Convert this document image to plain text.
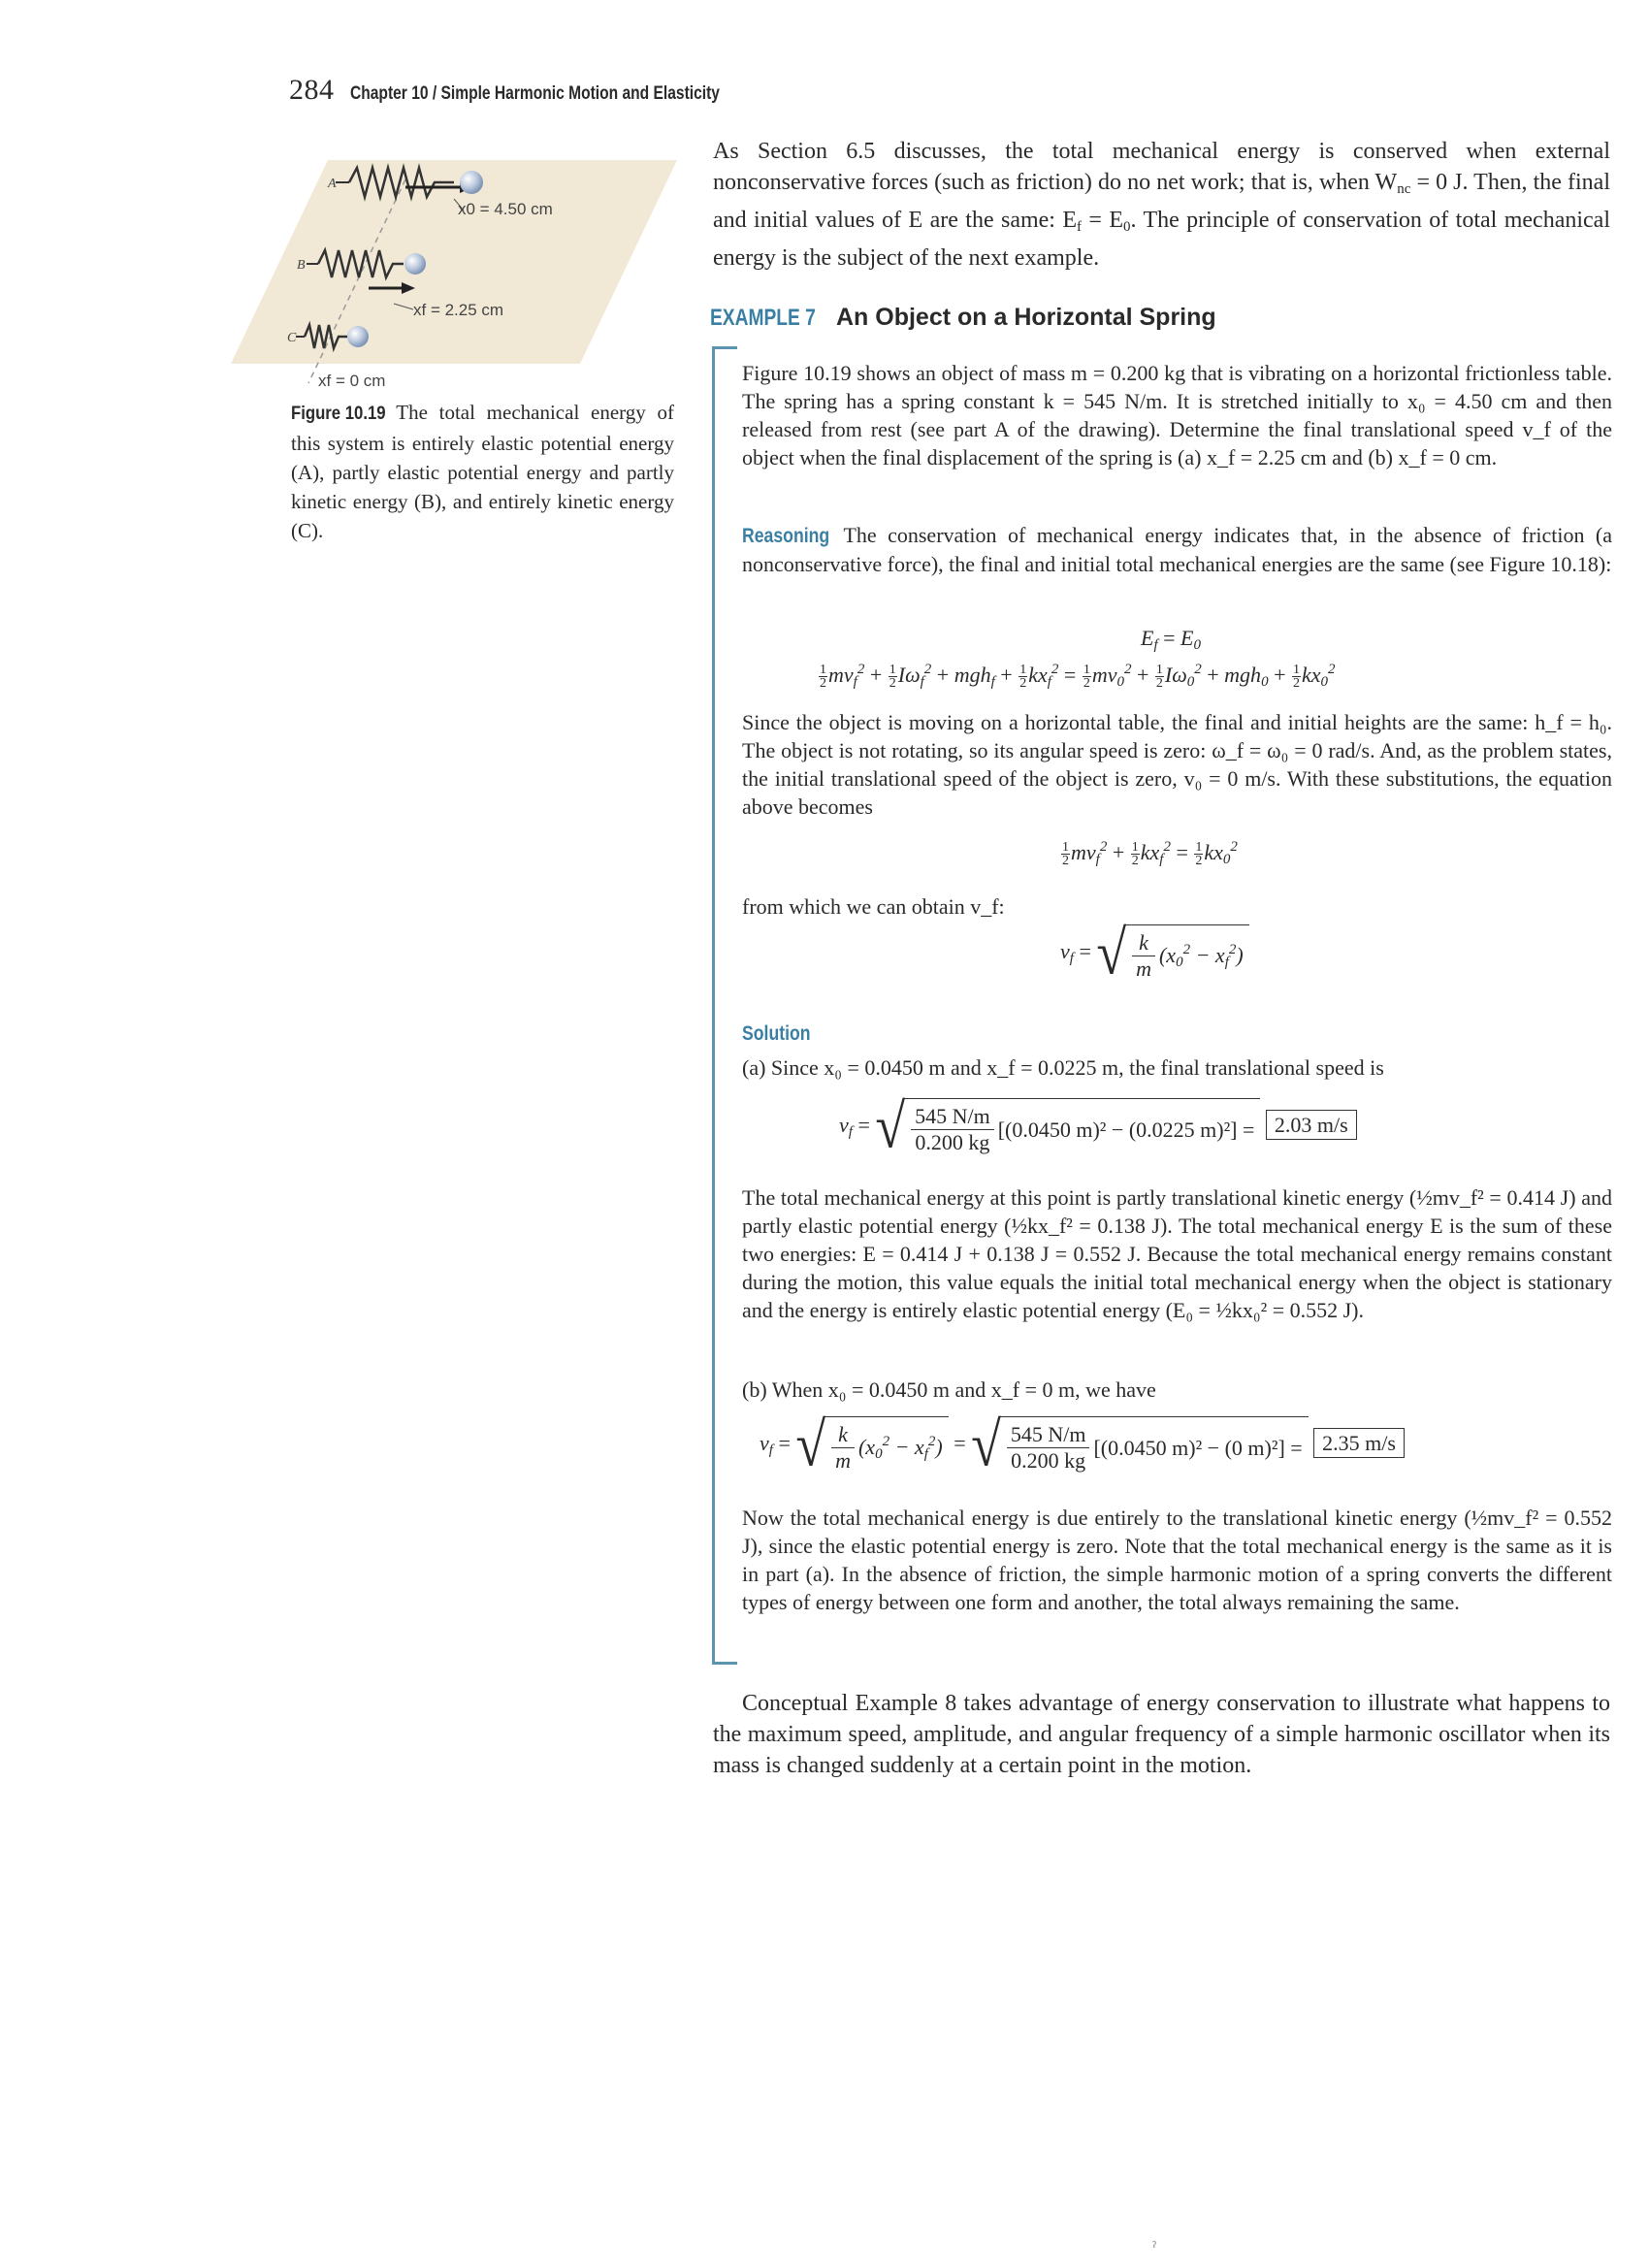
284 Chapter 10 / Simple Harmonic Motion and Elasticity
A
x0 = 4.50 cm
B
xf = 2.25 cm
C
xf = 0 cm
Figure 10.19 The total mechanical energy of this system is entirely elastic potential energy (A), partly elastic potential energy and partly kinetic energy (B), and entirely kinetic energy (C).
As Section 6.5 discusses, the total mechanical energy is conserved when external nonconservative forces (such as friction) do no net work; that is, when $W_{nc} = 0$ J. Then, the final and initial values of E are the same: $E_f = E_0$. The principle of conservation of total mechanical energy is the subject of the next example.
EXAMPLE 7 An Object on a Horizontal Spring
Figure 10.19 shows an object of mass m = 0.200 kg that is vibrating on a horizontal frictionless table. The spring has a spring constant k = 545 N/m. It is stretched initially to x₀ = 4.50 cm and then released from rest (see part A of the drawing). Determine the final translational speed v_f of the object when the final displacement of the spring is (a) x_f = 2.25 cm and (b) x_f = 0 cm.
Reasoning The conservation of mechanical energy indicates that, in the absence of friction (a nonconservative force), the final and initial total mechanical energies are the same (see Figure 10.18):
$E_f = E_0$
$\frac{1}{2} mv_f^2 + \frac{1}{2} I\omega_f^2 + mgh_f + \frac{1}{2} kx_f^2 = \frac{1}{2} mv_0^2 + \frac{1}{2} I\omega_0^2 + mgh_0 + \frac{1}{2} kx_0^2$
Since the object is moving on a horizontal table, the final and initial heights are the same: h_f = h₀. The object is not rotating, so its angular speed is zero: ω_f = ω₀ = 0 rad/s. And, as the problem states, the initial translational speed of the object is zero, v₀ = 0 m/s. With these substitutions, the equation above becomes
$\frac{1}{2} mv_f^2 + \frac{1}{2} kx_f^2 = \frac{1}{2} kx_0^2$
from which we can obtain v_f:
$v_f$ = √ $\frac{k}{m} (x_0^2 - x_f^2)$
Solution
(a) Since x₀ = 0.0450 m and x_f = 0.0225 m, the final translational speed is
$v_f$ = √ $\frac{545 N/m}{0.200 kg} [(0.0450$ m)² − (0.0225 m)²] = 2.03 m/s
The total mechanical energy at this point is partly translational kinetic energy (½mv_f² = 0.414 J) and partly elastic potential energy (½kx_f² = 0.138 J). The total mechanical energy E is the sum of these two energies: E = 0.414 J + 0.138 J = 0.552 J. Because the total mechanical energy remains constant during the motion, this value equals the initial total mechanical energy when the object is stationary and the energy is entirely elastic potential energy (E₀ = ½kx₀² = 0.552 J).
(b) When x₀ = 0.0450 m and x_f = 0 m, we have
$v_f$ = √ $\frac{k}{m} (x_0^2 - x_f^2)$ = √ $\frac{545 N/m}{0.200 kg} [(0.0450$ m)² − (0 m)²] = 2.35 m/s
Now the total mechanical energy is due entirely to the translational kinetic energy (½mv_f² = 0.552 J), since the elastic potential energy is zero. Note that the total mechanical energy is the same as it is in part (a). In the absence of friction, the simple harmonic motion of a spring converts the different types of energy between one form and another, the total always remaining the same.
Conceptual Example 8 takes advantage of energy conservation to illustrate what happens to the maximum speed, amplitude, and angular frequency of a simple harmonic oscillator when its mass is changed suddenly at a certain point in the motion.
ˀ
